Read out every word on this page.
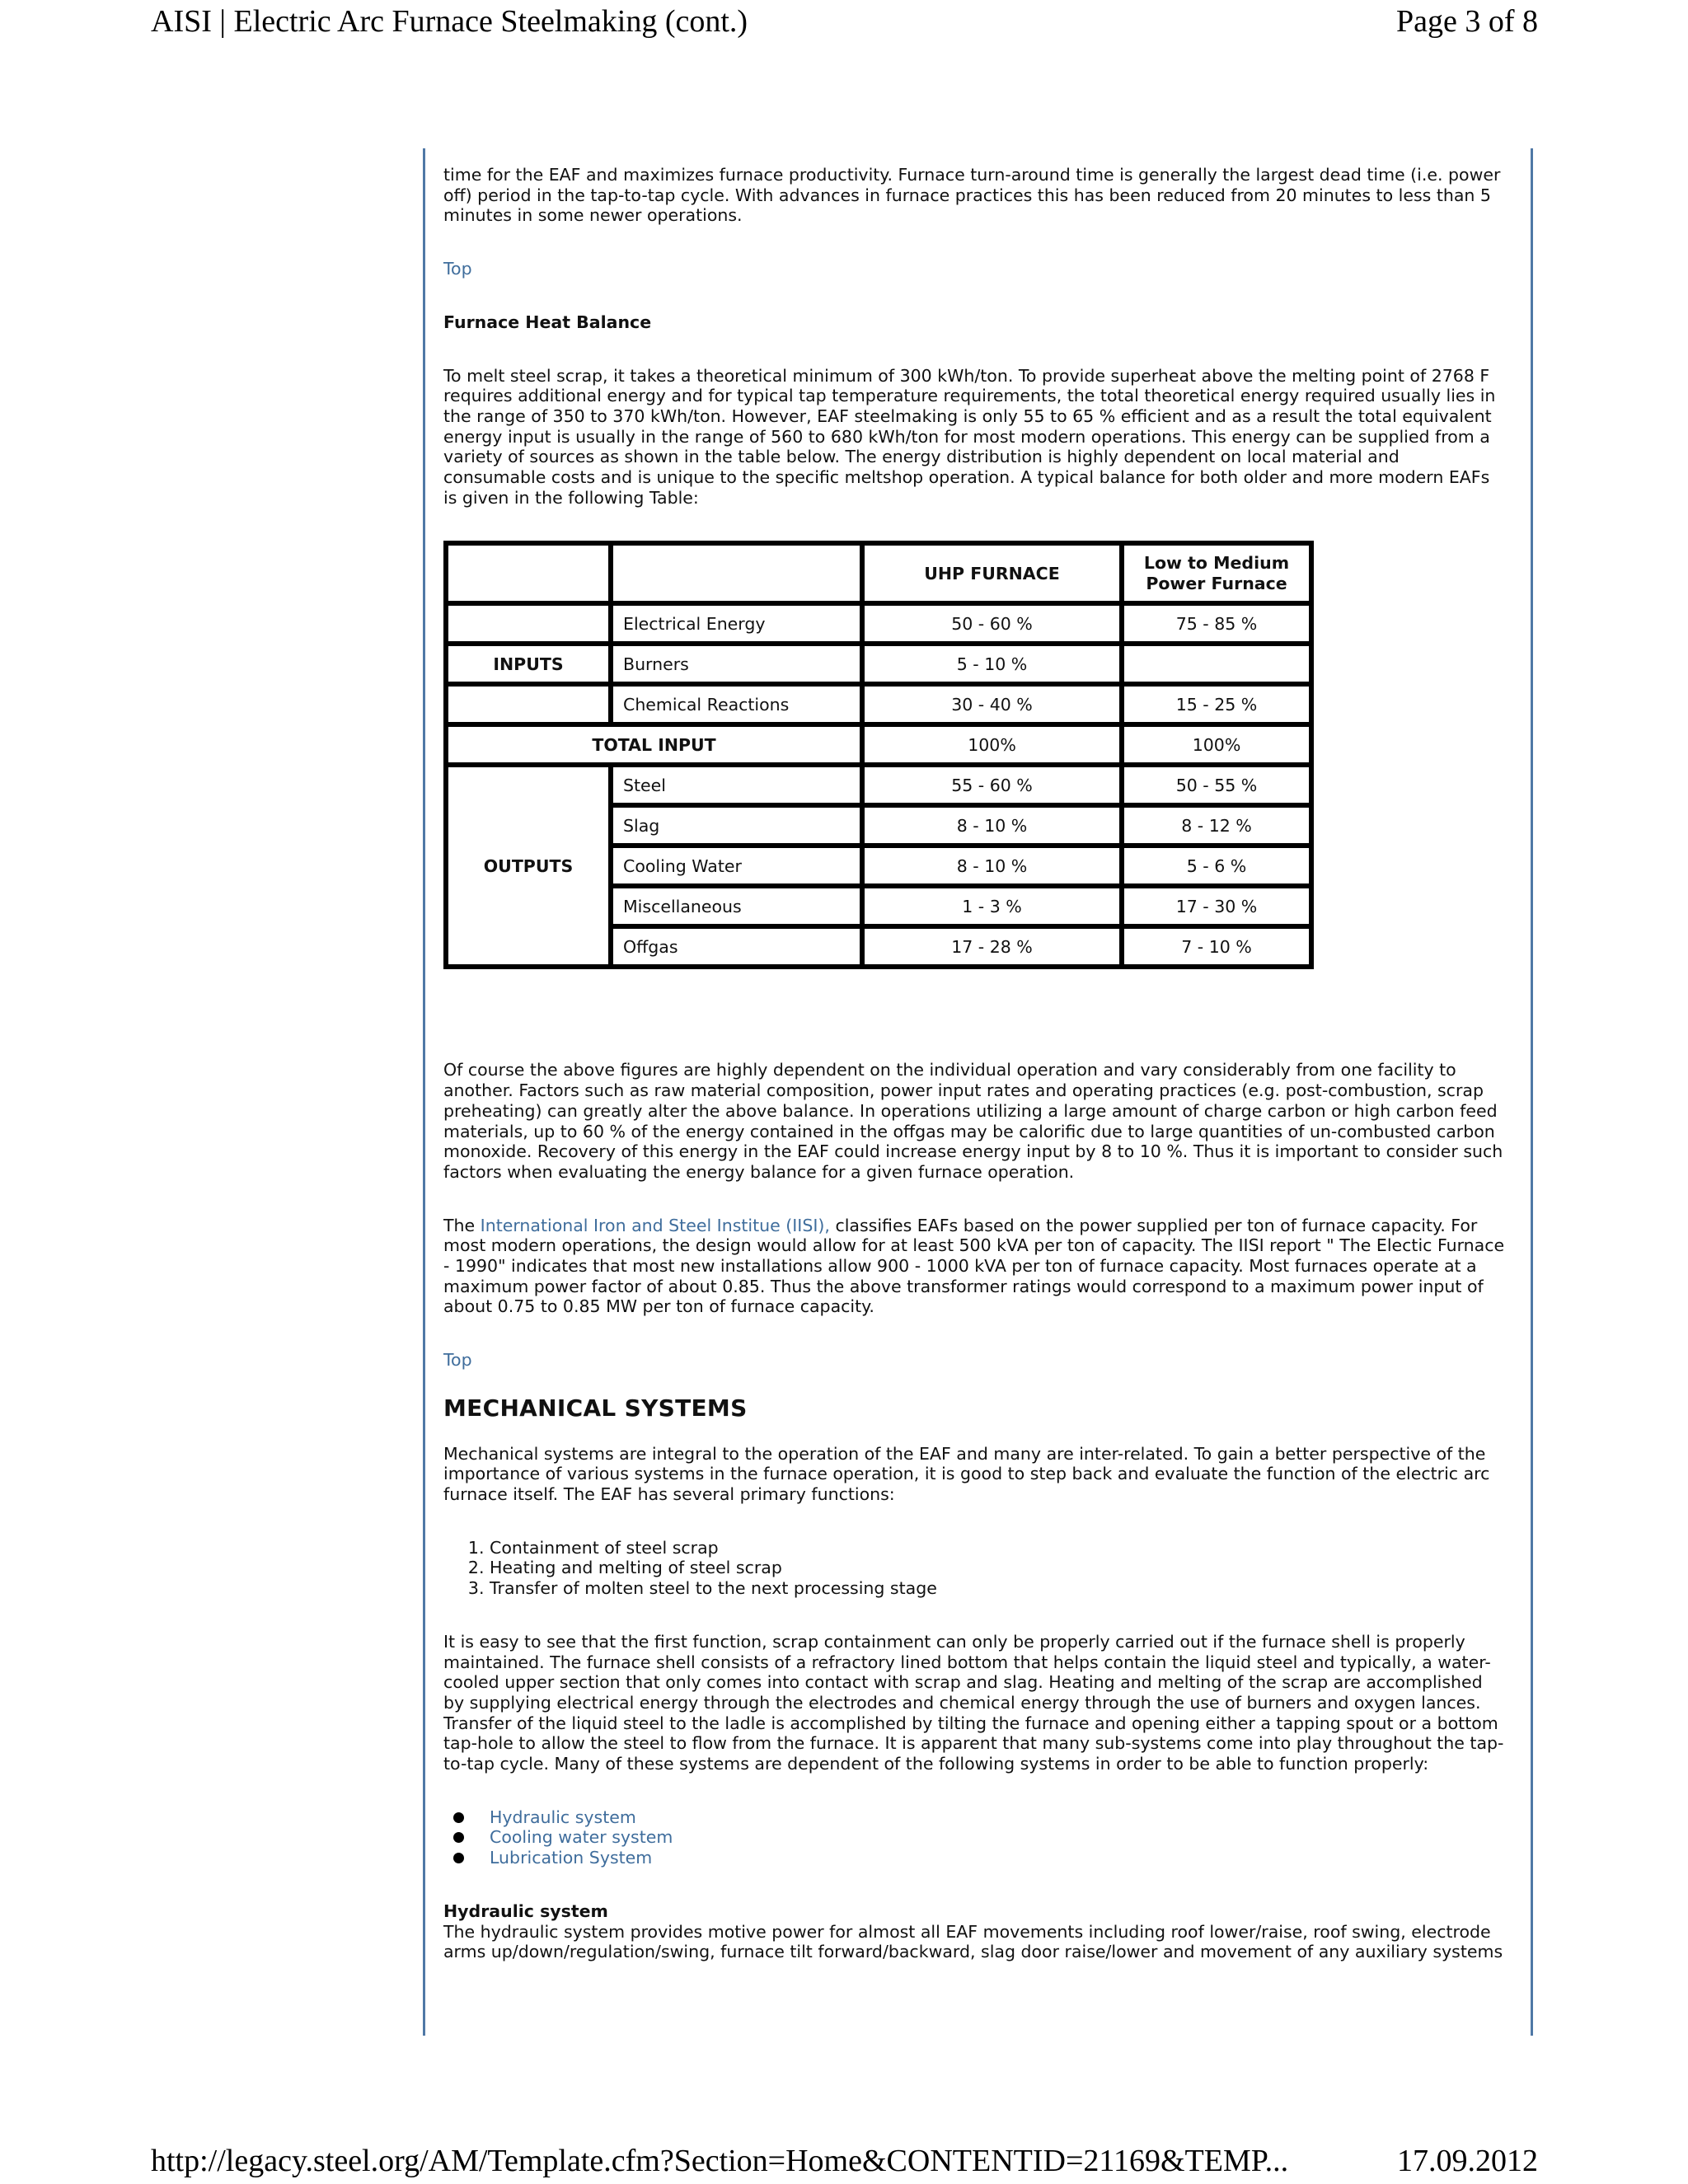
AISI | Electric Arc Furnace Steelmaking (cont.)	Page 3 of 8

time for the EAF and maximizes furnace productivity. Furnace turn-around time is generally the largest dead time (i.e. power off) period in the tap-to-tap cycle. With advances in furnace practices this has been reduced from 20 minutes to less than 5 minutes in some newer operations.

Top

Furnace Heat Balance

To melt steel scrap, it takes a theoretical minimum of 300 kWh/ton. To provide superheat above the melting point of 2768 F requires additional energy and for typical tap temperature requirements, the total theoretical energy required usually lies in the range of 350 to 370 kWh/ton. However, EAF steelmaking is only 55 to 65 % efficient and as a result the total equivalent energy input is usually in the range of 560 to 680 kWh/ton for most modern operations. This energy can be supplied from a variety of sources as shown in the table below. The energy distribution is highly dependent on local material and consumable costs and is unique to the specific meltshop operation. A typical balance for both older and more modern EAFs is given in the following Table:

		UHP FURNACE	Low to Medium Power Furnace
	Electrical Energy	50 - 60 %	75 - 85 %
INPUTS	Burners	5 - 10 %	
	Chemical Reactions	30 - 40 %	15 - 25 %
TOTAL INPUT		100%	100%
OUTPUTS	Steel	55 - 60 %	50 - 55 %
	Slag	8 - 10 %	8 - 12 %
	Cooling Water	8 - 10 %	5 - 6 %
	Miscellaneous	1 - 3 %	17 - 30 %
	Offgas	17 - 28 %	7 - 10 %

Of course the above figures are highly dependent on the individual operation and vary considerably from one facility to another. Factors such as raw material composition, power input rates and operating practices (e.g. post-combustion, scrap preheating) can greatly alter the above balance. In operations utilizing a large amount of charge carbon or high carbon feed materials, up to 60 % of the energy contained in the offgas may be calorific due to large quantities of un-combusted carbon monoxide. Recovery of this energy in the EAF could increase energy input by 8 to 10 %. Thus it is important to consider such factors when evaluating the energy balance for a given furnace operation.

The International Iron and Steel Institue (IISI), classifies EAFs based on the power supplied per ton of furnace capacity. For most modern operations, the design would allow for at least 500 kVA per ton of capacity. The IISI report " The Electic Furnace - 1990" indicates that most new installations allow 900 - 1000 kVA per ton of furnace capacity. Most furnaces operate at a maximum power factor of about 0.85. Thus the above transformer ratings would correspond to a maximum power input of about 0.75 to 0.85 MW per ton of furnace capacity.

Top

MECHANICAL SYSTEMS

Mechanical systems are integral to the operation of the EAF and many are inter-related. To gain a better perspective of the importance of various systems in the furnace operation, it is good to step back and evaluate the function of the electric arc furnace itself. The EAF has several primary functions:

1. Containment of steel scrap
2. Heating and melting of steel scrap
3. Transfer of molten steel to the next processing stage

It is easy to see that the first function, scrap containment can only be properly carried out if the furnace shell is properly maintained. The furnace shell consists of a refractory lined bottom that helps contain the liquid steel and typically, a water-cooled upper section that only comes into contact with scrap and slag. Heating and melting of the scrap are accomplished by supplying electrical energy through the electrodes and chemical energy through the use of burners and oxygen lances. Transfer of the liquid steel to the ladle is accomplished by tilting the furnace and opening either a tapping spout or a bottom tap-hole to allow the steel to flow from the furnace. It is apparent that many sub-systems come into play throughout the tap-to-tap cycle. Many of these systems are dependent of the following systems in order to be able to function properly:

Hydraulic system
Cooling water system
Lubrication System

Hydraulic system

The hydraulic system provides motive power for almost all EAF movements including roof lower/raise, roof swing, electrode arms up/down/regulation/swing, furnace tilt forward/backward, slag door raise/lower and movement of any auxiliary systems

http://legacy.steel.org/AM/Template.cfm?Section=Home&CONTENTID=21169&TEMP...	17.09.2012
